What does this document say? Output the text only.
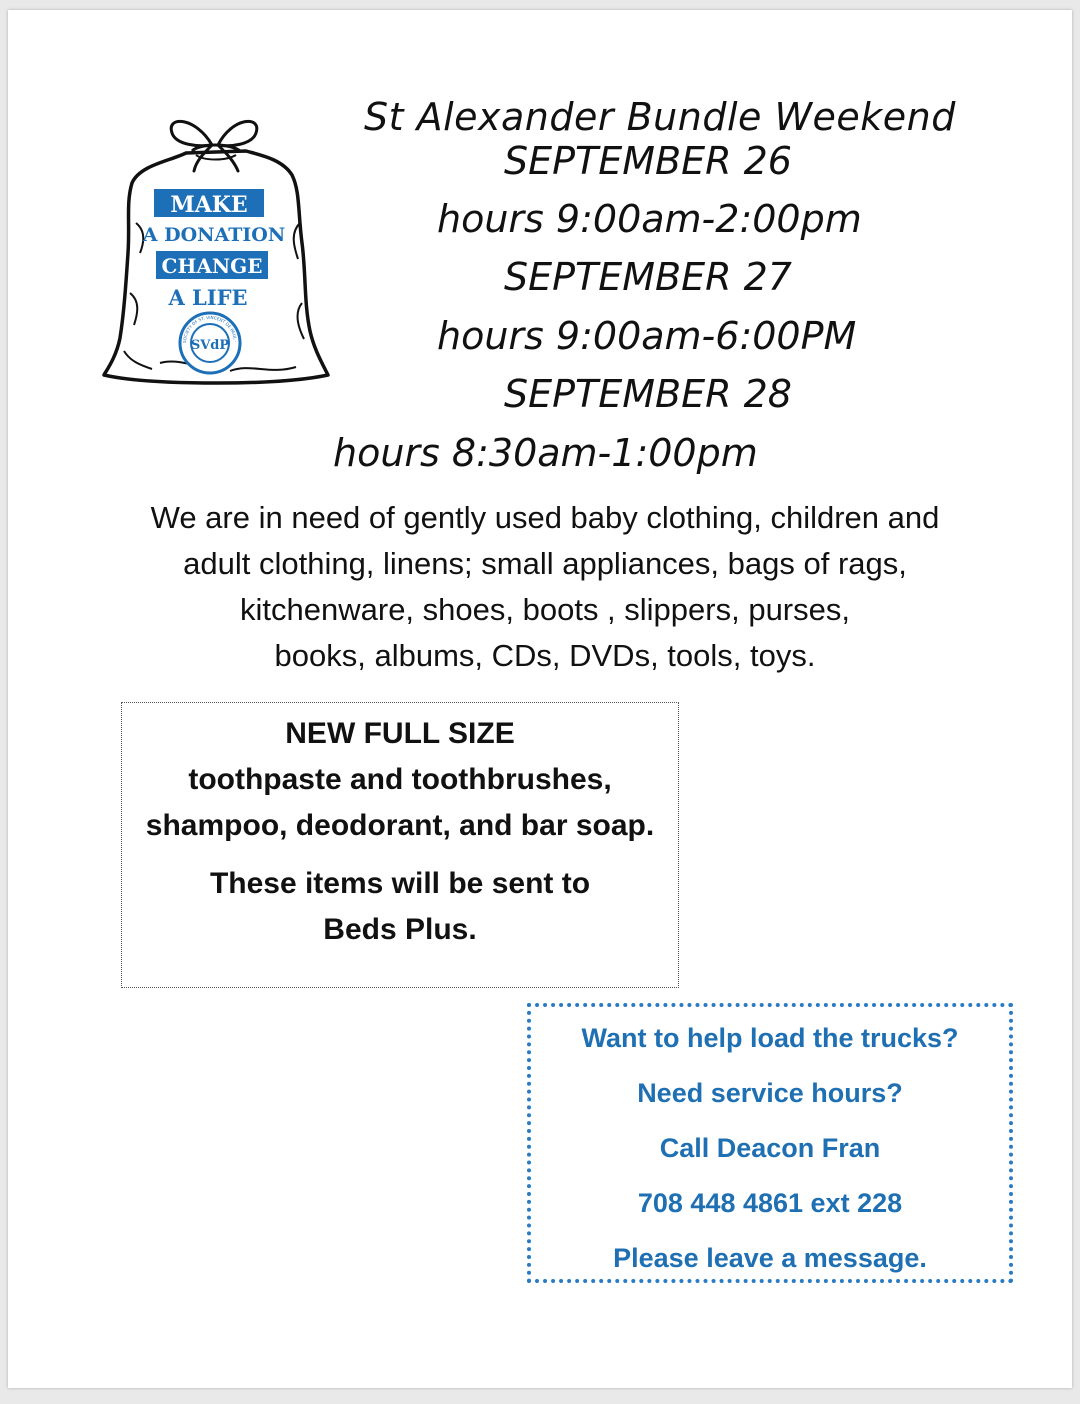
MAKE
A DONATION
CHANGE
A LIFE
SVdP
SOCIETY OF ST. VINCENT DE PAUL ·
St Alexander Bundle Weekend
SEPTEMBER 26
hours 9:00am-2:00pm
SEPTEMBER 27
hours 9:00am-6:00PM
SEPTEMBER 28
hours 8:30am-1:00pm
We are in need of gently used baby clothing, children and
adult clothing, linens; small appliances, bags of rags,
kitchenware, shoes, boots , slippers, purses,
books, albums, CDs, DVDs, tools, toys.

NEW FULL SIZE

toothpaste and toothbrushes,

shampoo, deodorant, and bar soap.

These items will be sent to

Beds Plus.

Want to help load the trucks?

Need service hours?

Call Deacon Fran

708 448 4861 ext 228

Please leave a message.
